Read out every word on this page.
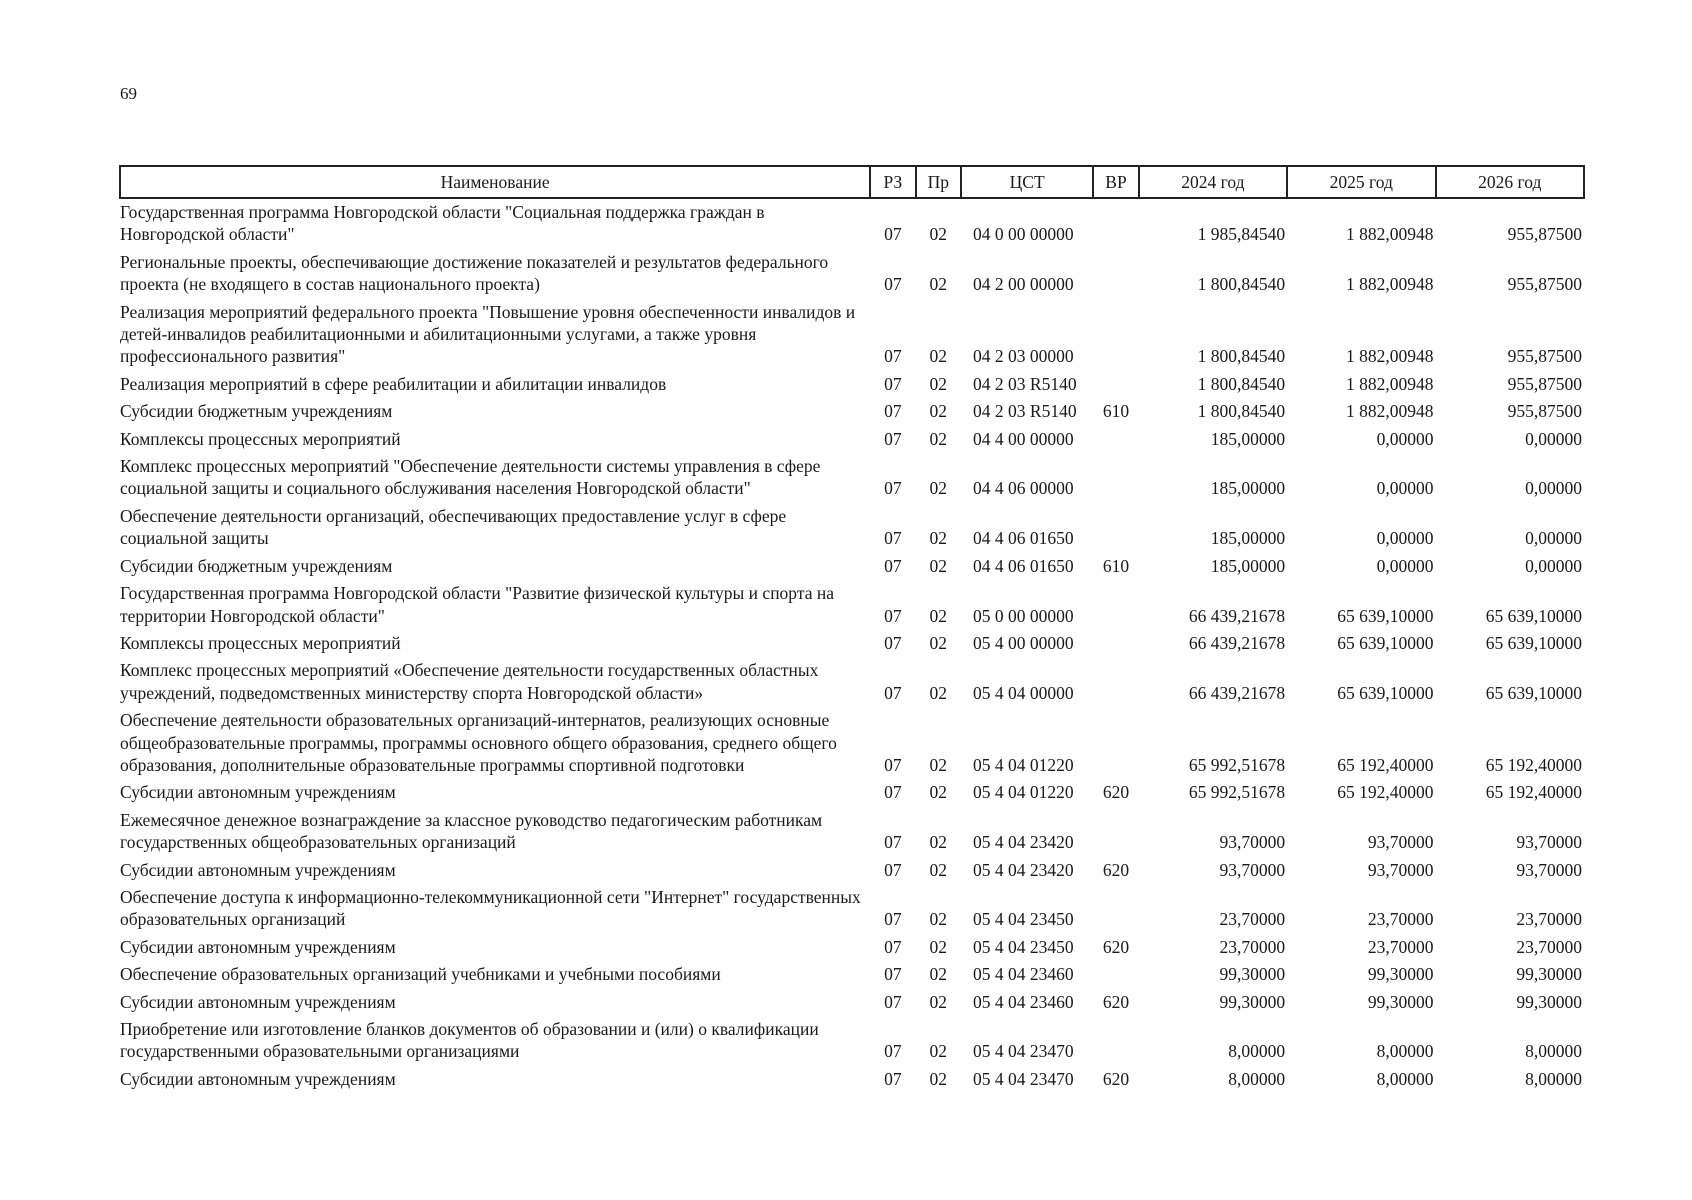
69
Наименование	РЗ	Пр	ЦСТ	ВР	2024 год	2025 год	2026 год
Государственная программа Новгородской области "Социальная поддержка граждан в Новгородской области"	07	02	04 0 00 00000		1 985,84540	1 882,00948	955,87500
Региональные проекты, обеспечивающие достижение показателей и результатов федерального проекта (не входящего в состав национального проекта)	07	02	04 2 00 00000		1 800,84540	1 882,00948	955,87500
Реализация мероприятий федерального проекта "Повышение уровня обеспеченности инвалидов и детей-инвалидов реабилитационными и абилитационными услугами, а также уровня профессионального развития"	07	02	04 2 03 00000		1 800,84540	1 882,00948	955,87500
Реализация мероприятий в сфере реабилитации и абилитации инвалидов	07	02	04 2 03 R5140		1 800,84540	1 882,00948	955,87500
Субсидии бюджетным учреждениям	07	02	04 2 03 R5140	610	1 800,84540	1 882,00948	955,87500
Комплексы процессных мероприятий	07	02	04 4 00 00000		185,00000	0,00000	0,00000
Комплекс процессных мероприятий "Обеспечение деятельности системы управления в сфере социальной защиты и социального обслуживания населения Новгородской области"	07	02	04 4 06 00000		185,00000	0,00000	0,00000
Обеспечение деятельности организаций, обеспечивающих предоставление услуг в сфере социальной защиты	07	02	04 4 06 01650		185,00000	0,00000	0,00000
Субсидии бюджетным учреждениям	07	02	04 4 06 01650	610	185,00000	0,00000	0,00000
Государственная программа Новгородской области "Развитие физической культуры и спорта на территории Новгородской области"	07	02	05 0 00 00000		66 439,21678	65 639,10000	65 639,10000
Комплексы процессных мероприятий	07	02	05 4 00 00000		66 439,21678	65 639,10000	65 639,10000
Комплекс процессных мероприятий «Обеспечение деятельности государственных областных учреждений, подведомственных министерству спорта Новгородской области»	07	02	05 4 04 00000		66 439,21678	65 639,10000	65 639,10000
Обеспечение деятельности образовательных организаций-интернатов, реализующих основные общеобразовательные программы, программы основного общего образования, среднего общего образования, дополнительные образовательные программы спортивной подготовки	07	02	05 4 04 01220		65 992,51678	65 192,40000	65 192,40000
Субсидии автономным учреждениям	07	02	05 4 04 01220	620	65 992,51678	65 192,40000	65 192,40000
Ежемесячное денежное вознаграждение за классное руководство педагогическим работникам государственных общеобразовательных организаций	07	02	05 4 04 23420		93,70000	93,70000	93,70000
Субсидии автономным учреждениям	07	02	05 4 04 23420	620	93,70000	93,70000	93,70000
Обеспечение доступа к информационно-телекоммуникационной сети "Интернет" государственных образовательных организаций	07	02	05 4 04 23450		23,70000	23,70000	23,70000
Субсидии автономным учреждениям	07	02	05 4 04 23450	620	23,70000	23,70000	23,70000
Обеспечение образовательных организаций учебниками и учебными пособиями	07	02	05 4 04 23460		99,30000	99,30000	99,30000
Субсидии автономным учреждениям	07	02	05 4 04 23460	620	99,30000	99,30000	99,30000
Приобретение или изготовление бланков документов об образовании и (или) о квалификации государственными образовательными организациями	07	02	05 4 04 23470		8,00000	8,00000	8,00000
Субсидии автономным учреждениям	07	02	05 4 04 23470	620	8,00000	8,00000	8,00000
